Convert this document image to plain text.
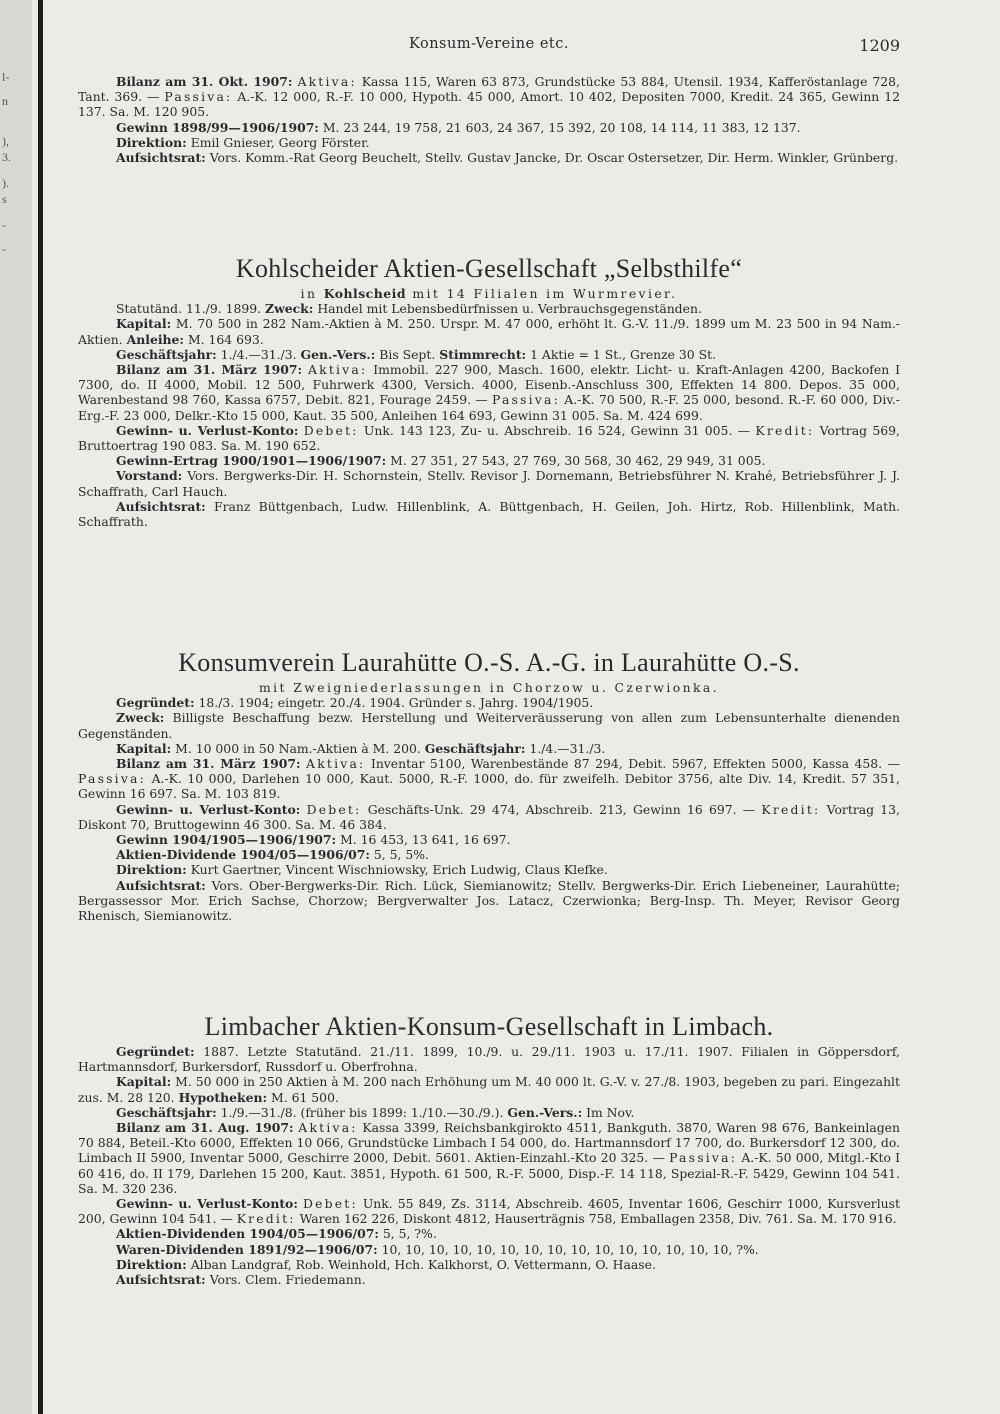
l-
n
),
3.
).
s
-
-
Konsum-Vereine etc.	1209

Bilanz am 31. Okt. 1907: Aktiva: Kassa 115, Waren 63 873, Grundstücke 53 884, Utensil. 1934, Kafferöstanlage 728, Tant. 369. — Passiva: A.-K. 12 000, R.-F. 10 000, Hypoth. 45 000, Amort. 10 402, Depositen 7000, Kredit. 24 365, Gewinn 12 137. Sa. M. 120 905.

Gewinn 1898/99—1906/1907: M. 23 244, 19 758, 21 603, 24 367, 15 392, 20 108, 14 114, 11 383, 12 137.

Direktion: Emil Gnieser, Georg Förster.

Aufsichtsrat: Vors. Komm.-Rat Georg Beuchelt, Stellv. Gustav Jancke, Dr. Oscar Ostersetzer, Dir. Herm. Winkler, Grünberg.

Kohlscheider Aktien-Gesellschaft „Selbsthilfe“

in Kohlscheid mit 14 Filialen im Wurmrevier.

Statutänd. 11./9. 1899. Zweck: Handel mit Lebensbedürfnissen u. Verbrauchsgegenständen.

Kapital: M. 70 500 in 282 Nam.-Aktien à M. 250. Urspr. M. 47 000, erhöht lt. G.-V. 11./9. 1899 um M. 23 500 in 94 Nam.-Aktien. Anleihe: M. 164 693.

Geschäftsjahr: 1./4.—31./3. Gen.-Vers.: Bis Sept. Stimmrecht: 1 Aktie = 1 St., Grenze 30 St.

Bilanz am 31. März 1907: Aktiva: Immobil. 227 900, Masch. 1600, elektr. Licht- u. Kraft-Anlagen 4200, Backofen I 7300, do. II 4000, Mobil. 12 500, Fuhrwerk 4300, Versich. 4000, Eisenb.-Anschluss 300, Effekten 14 800. Depos. 35 000, Warenbestand 98 760, Kassa 6757, Debit. 821, Fourage 2459. — Passiva: A.-K. 70 500, R.-F. 25 000, besond. R.-F. 60 000, Div.-Erg.-F. 23 000, Delkr.-Kto 15 000, Kaut. 35 500, Anleihen 164 693, Gewinn 31 005. Sa. M. 424 699.

Gewinn- u. Verlust-Konto: Debet: Unk. 143 123, Zu- u. Abschreib. 16 524, Gewinn 31 005. — Kredit: Vortrag 569, Bruttoertrag 190 083. Sa. M. 190 652.

Gewinn-Ertrag 1900/1901—1906/1907: M. 27 351, 27 543, 27 769, 30 568, 30 462, 29 949, 31 005.

Vorstand: Vors. Bergwerks-Dir. H. Schornstein, Stellv. Revisor J. Dornemann, Betriebsführer N. Krahé, Betriebsführer J. J. Schaffrath, Carl Hauch.

Aufsichtsrat: Franz Büttgenbach, Ludw. Hillenblink, A. Büttgenbach, H. Geilen, Joh. Hirtz, Rob. Hillenblink, Math. Schaffrath.

Konsumverein Laurahütte O.-S. A.-G. in Laurahütte O.-S.

mit Zweigniederlassungen in Chorzow u. Czerwionka.

Gegründet: 18./3. 1904; eingetr. 20./4. 1904. Gründer s. Jahrg. 1904/1905.

Zweck: Billigste Beschaffung bezw. Herstellung und Weiterveräusserung von allen zum Lebensunterhalte dienenden Gegenständen.

Kapital: M. 10 000 in 50 Nam.-Aktien à M. 200. Geschäftsjahr: 1./4.—31./3.

Bilanz am 31. März 1907: Aktiva: Inventar 5100, Warenbestände 87 294, Debit. 5967, Effekten 5000, Kassa 458. — Passiva: A.-K. 10 000, Darlehen 10 000, Kaut. 5000, R.-F. 1000, do. für zweifelh. Debitor 3756, alte Div. 14, Kredit. 57 351, Gewinn 16 697. Sa. M. 103 819.

Gewinn- u. Verlust-Konto: Debet: Geschäfts-Unk. 29 474, Abschreib. 213, Gewinn 16 697. — Kredit: Vortrag 13, Diskont 70, Bruttogewinn 46 300. Sa. M. 46 384.

Gewinn 1904/1905—1906/1907: M. 16 453, 13 641, 16 697.

Aktien-Dividende 1904/05—1906/07: 5, 5, 5%.

Direktion: Kurt Gaertner, Vincent Wischniowsky, Erich Ludwig, Claus Klefke.

Aufsichtsrat: Vors. Ober-Bergwerks-Dir. Rich. Lück, Siemianowitz; Stellv. Bergwerks-Dir. Erich Liebeneiner, Laurahütte; Bergassessor Mor. Erich Sachse, Chorzow; Bergverwalter Jos. Latacz, Czerwionka; Berg-Insp. Th. Meyer, Revisor Georg Rhenisch, Siemianowitz.

Limbacher Aktien-Konsum-Gesellschaft in Limbach.

Gegründet: 1887. Letzte Statutänd. 21./11. 1899, 10./9. u. 29./11. 1903 u. 17./11. 1907. Filialen in Göppersdorf, Hartmannsdorf, Burkersdorf, Russdorf u. Oberfrohna.

Kapital: M. 50 000 in 250 Aktien à M. 200 nach Erhöhung um M. 40 000 lt. G.-V. v. 27./8. 1903, begeben zu pari. Eingezahlt zus. M. 28 120. Hypotheken: M. 61 500.

Geschäftsjahr: 1./9.—31./8. (früher bis 1899: 1./10.—30./9.). Gen.-Vers.: Im Nov.

Bilanz am 31. Aug. 1907: Aktiva: Kassa 3399, Reichsbankgirokto 4511, Bankguth. 3870, Waren 98 676, Bankeinlagen 70 884, Beteil.-Kto 6000, Effekten 10 066, Grundstücke Limbach I 54 000, do. Hartmannsdorf 17 700, do. Burkersdorf 12 300, do. Limbach II 5900, Inventar 5000, Geschirre 2000, Debit. 5601. Aktien-Einzahl.-Kto 20 325. — Passiva: A.-K. 50 000, Mitgl.-Kto I 60 416, do. II 179, Darlehen 15 200, Kaut. 3851, Hypoth. 61 500, R.-F. 5000, Disp.-F. 14 118, Spezial-R.-F. 5429, Gewinn 104 541. Sa. M. 320 236.

Gewinn- u. Verlust-Konto: Debet: Unk. 55 849, Zs. 3114, Abschreib. 4605, Inventar 1606, Geschirr 1000, Kursverlust 200, Gewinn 104 541. — Kredit: Waren 162 226, Diskont 4812, Hauserträgnis 758, Emballagen 2358, Div. 761. Sa. M. 170 916.

Aktien-Dividenden 1904/05—1906/07: 5, 5, ?%.

Waren-Dividenden 1891/92—1906/07: 10, 10, 10, 10, 10, 10, 10, 10, 10, 10, 10, 10, 10, 10, 10, ?%.

Direktion: Alban Landgraf, Rob. Weinhold, Hch. Kalkhorst, O. Vettermann, O. Haase.

Aufsichtsrat: Vors. Clem. Friedemann.
